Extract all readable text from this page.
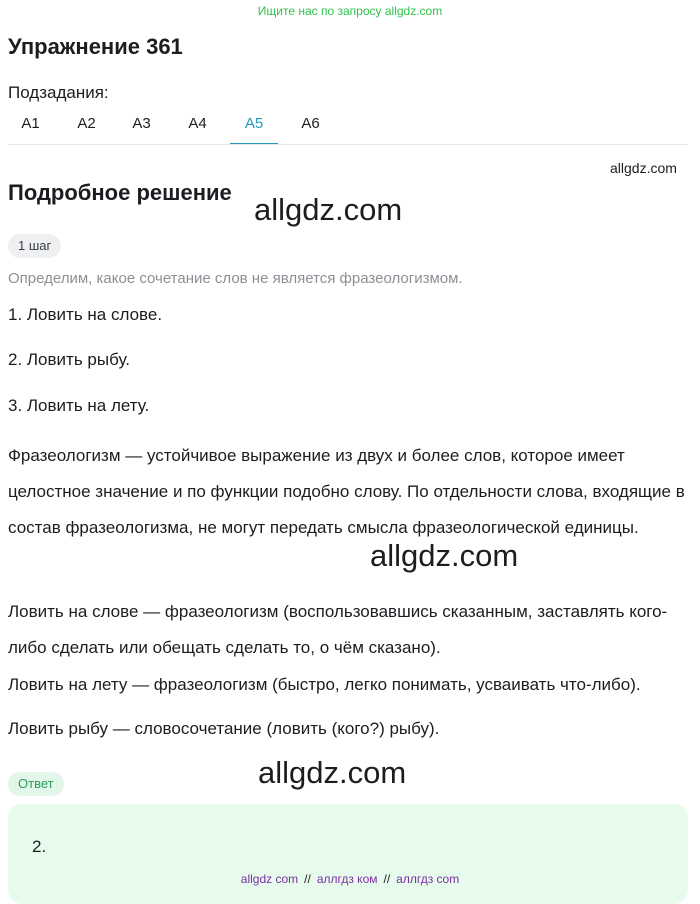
Ищите нас по запросу allgdz.com
Упражнение 361
Подзадания:
А1	А2	А3	А4	А5	А6
allgdz.com
Подробное решение allgdz.com
1 шаг
Определим, какое сочетание слов не является фразеологизмом.
1. Ловить на слове.
2. Ловить рыбу.
3. Ловить на лету.
Фразеологизм — устойчивое выражение из двух и более слов, которое имеет целостное значение и по функции подобно слову. По отдельности слова, входящие в состав фразеологизма, не могут передать смысла фразеологической единицы.
allgdz.com
Ловить на слове — фразеологизм (воспользовавшись сказанным, заставлять кого-либо сделать или обещать сделать то, о чём сказано).
Ловить на лету — фразеологизм (быстро, легко понимать, усваивать что-либо).
Ловить рыбу — словосочетание (ловить (кого?) рыбу).
Ответ	allgdz.com
2.
allgdz com // аллгдз ком // аллгдз com
